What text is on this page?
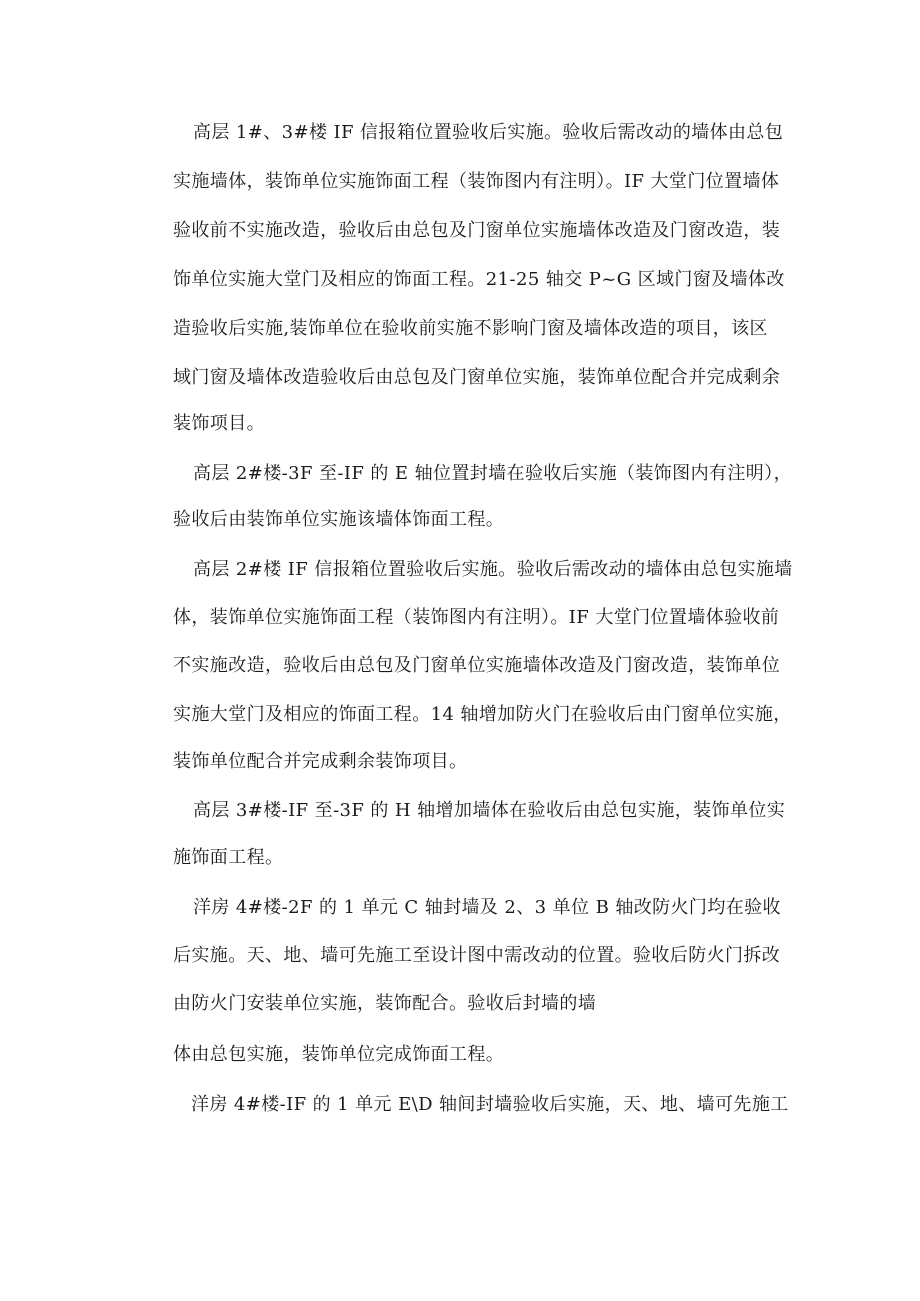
高层 1#、3#楼 IF 信报箱位置验收后实施。验收后需改动的墙体由总包
实施墙体，装饰单位实施饰面工程（装饰图内有注明）。IF 大堂门位置墙体
验收前不实施改造，验收后由总包及门窗单位实施墙体改造及门窗改造，装
饰单位实施大堂门及相应的饰面工程。21-25 轴交 P~G 区域门窗及墙体改
造验收后实施,装饰单位在验收前实施不影响门窗及墙体改造的项目，该区
域门窗及墙体改造验收后由总包及门窗单位实施，装饰单位配合并完成剩余
装饰项目。
高层 2#楼-3F 至-IF 的 E 轴位置封墙在验收后实施（装饰图内有注明），
验收后由装饰单位实施该墙体饰面工程。
高层 2#楼 IF 信报箱位置验收后实施。验收后需改动的墙体由总包实施墙
体，装饰单位实施饰面工程（装饰图内有注明）。IF 大堂门位置墙体验收前
不实施改造，验收后由总包及门窗单位实施墙体改造及门窗改造，装饰单位
实施大堂门及相应的饰面工程。14 轴增加防火门在验收后由门窗单位实施，
装饰单位配合并完成剩余装饰项目。
高层 3#楼-IF 至-3F 的 H 轴增加墙体在验收后由总包实施，装饰单位实
施饰面工程。
洋房 4#楼-2F 的 1 单元 C 轴封墙及 2、3 单位 B 轴改防火门均在验收
后实施。天、地、墙可先施工至设计图中需改动的位置。验收后防火门拆改
由防火门安装单位实施，装饰配合。验收后封墙的墙
体由总包实施，装饰单位完成饰面工程。
洋房 4#楼-IF 的 1 单元 E\D 轴间封墙验收后实施，天、地、墙可先施工
